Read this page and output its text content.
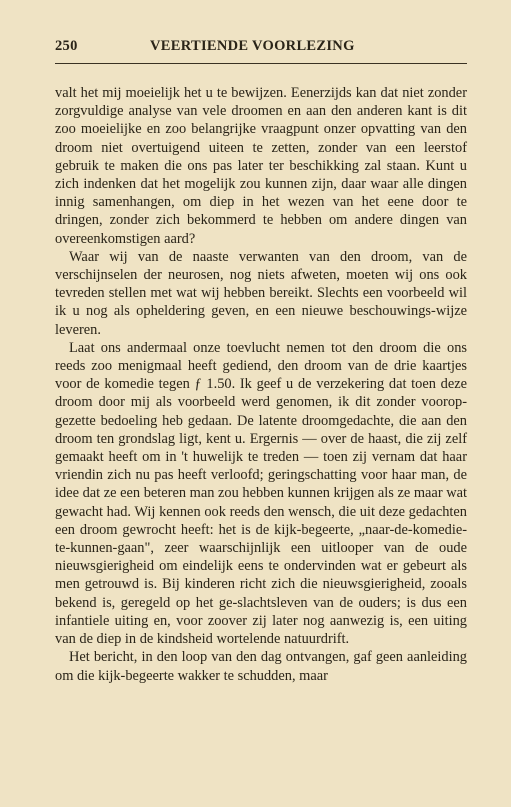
250	VEERTIENDE VOORLEZING

valt het mij moeielijk het u te bewijzen. Eenerzijds kan dat niet zonder zorgvuldige analyse van vele droomen en aan den anderen kant is dit zoo moeielijke en zoo belangrijke vraagpunt onzer opvatting van den droom niet overtuigend uiteen te zetten, zonder van een leerstof gebruik te maken die ons pas later ter beschikking zal staan. Kunt u zich indenken dat het mogelijk zou kunnen zijn, daar waar alle dingen innig samenhangen, om diep in het wezen van het eene door te dringen, zonder zich bekommerd te hebben om andere dingen van overeenkomstigen aard?

Waar wij van de naaste verwanten van den droom, van de verschijnselen der neurosen, nog niets afweten, moeten wij ons ook tevreden stellen met wat wij hebben bereikt. Slechts een voorbeeld wil ik u nog als opheldering geven, en een nieuwe beschouwings-wijze leveren.

Laat ons andermaal onze toevlucht nemen tot den droom die ons reeds zoo menigmaal heeft gediend, den droom van de drie kaartjes voor de komedie tegen ƒ 1.50. Ik geef u de verzekering dat toen deze droom door mij als voorbeeld werd genomen, ik dit zonder voorop-gezette bedoeling heb gedaan. De latente droomgedachte, die aan den droom ten grondslag ligt, kent u. Ergernis — over de haast, die zij zelf gemaakt heeft om in 't huwelijk te treden — toen zij vernam dat haar vriendin zich nu pas heeft verloofd; geringschatting voor haar man, de idee dat ze een beteren man zou hebben kunnen krijgen als ze maar wat gewacht had. Wij kennen ook reeds den wensch, die uit deze gedachten een droom gewrocht heeft: het is de kijk-begeerte, „naar-de-komedie-te-kunnen-gaan", zeer waarschijnlijk een uitlooper van de oude nieuwsgierigheid om eindelijk eens te ondervinden wat er gebeurt als men getrouwd is. Bij kinderen richt zich die nieuwsgierigheid, zooals bekend is, geregeld op het ge-slachtsleven van de ouders; is dus een infantiele uiting en, voor zoover zij later nog aanwezig is, een uiting van de diep in de kindsheid wortelende natuurdrift.

Het bericht, in den loop van den dag ontvangen, gaf geen aanleiding om die kijk-begeerte wakker te schudden, maar
